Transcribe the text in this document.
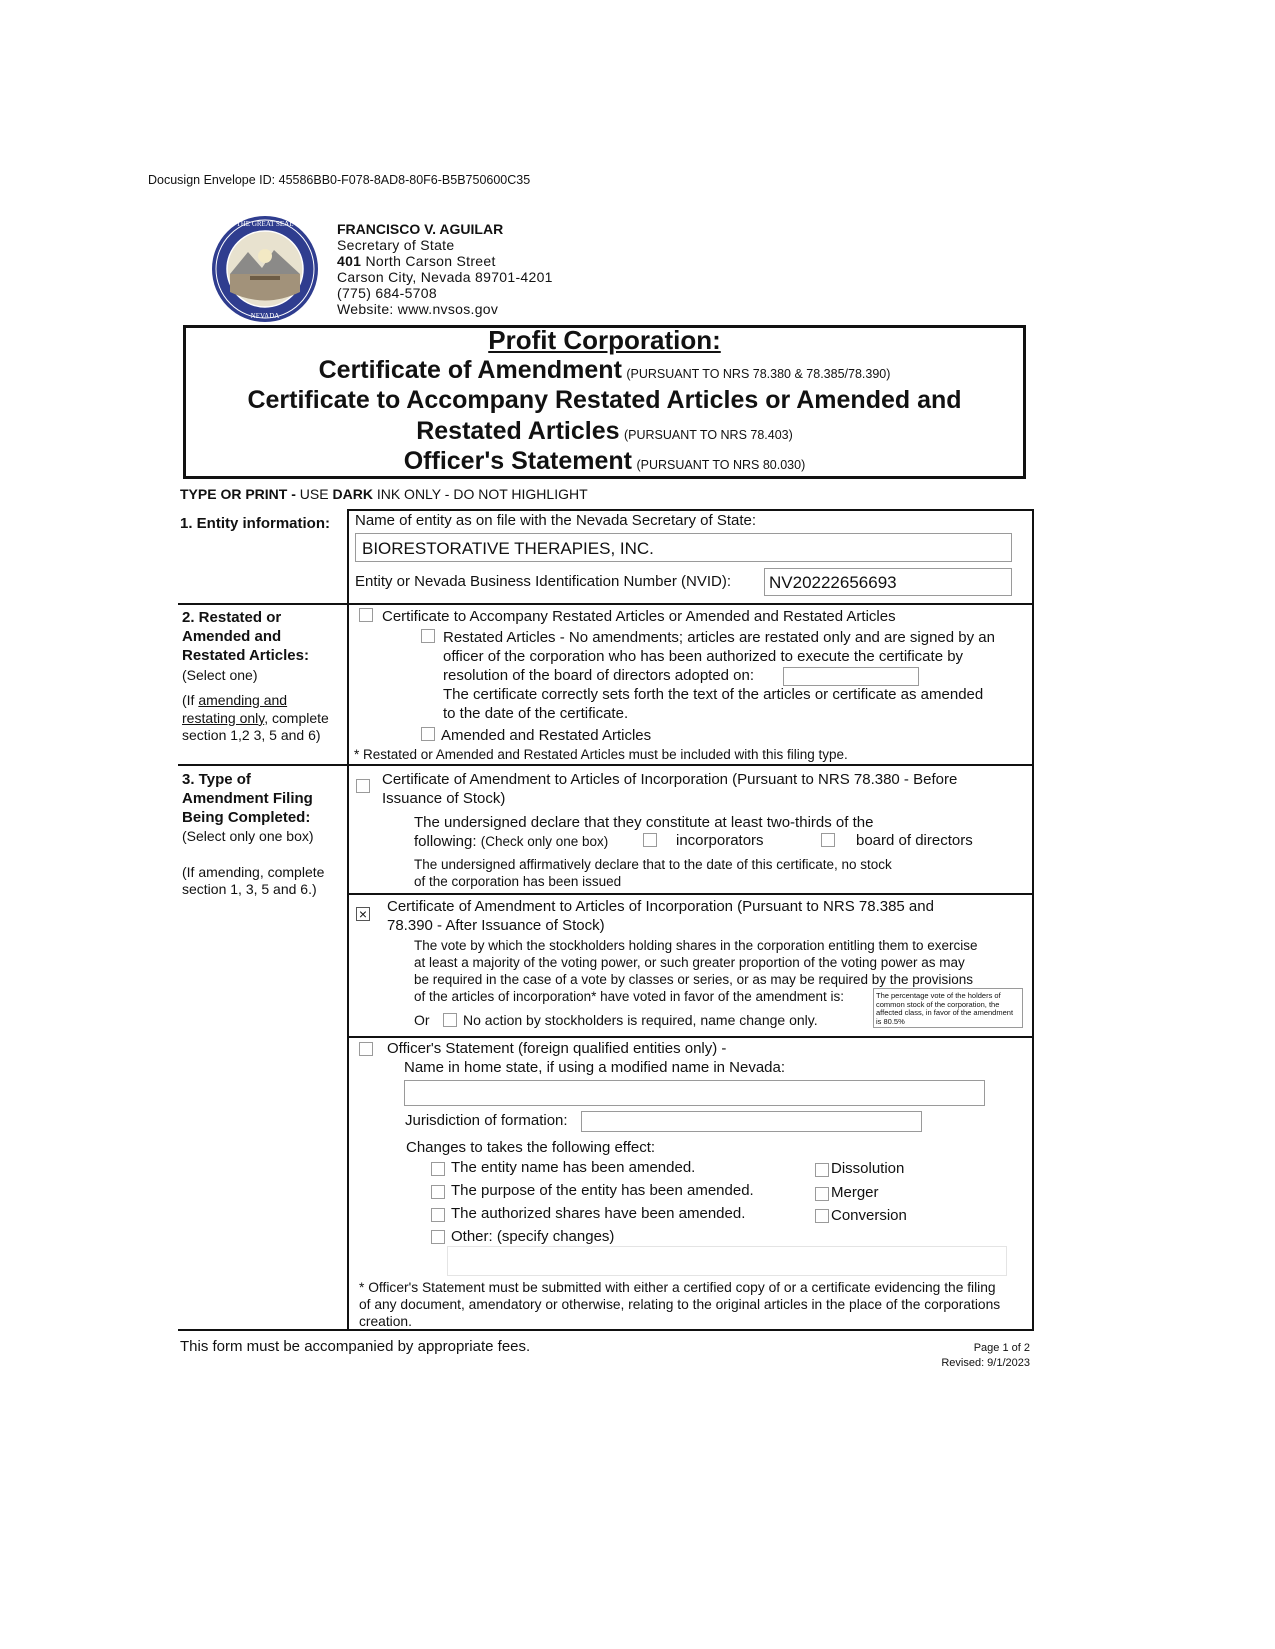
Docusign Envelope ID: 45586BB0-F078-8AD8-80F6-B5B750600C35
THE GREAT SEAL
NEVADA
FRANCISCO V. AGUILAR
Secretary of State
401 North Carson Street
Carson City, Nevada 89701-4201
(775) 684-5708
Website: www.nvsos.gov
Profit Corporation:
Certificate of Amendment (PURSUANT TO NRS 78.380 & 78.385/78.390)
Certificate to Accompany Restated Articles or Amended and
Restated Articles (PURSUANT TO NRS 78.403)
Officer's Statement (PURSUANT TO NRS 80.030)
TYPE OR PRINT - USE DARK INK ONLY - DO NOT HIGHLIGHT
1. Entity information: Name of entity as on file with the Nevada Secretary of State:
BIORESTORATIVE THERAPIES, INC.
Entity or Nevada Business Identification Number (NVID): NV20222656693
2. Restated or
Amended and
Restated Articles:
(Select one)
(If amending and
restating only, complete
section 1,2 3, 5 and 6)
Certificate to Accompany Restated Articles or Amended and Restated Articles
Restated Articles - No amendments; articles are restated only and are signed by an
officer of the corporation who has been authorized to execute the certificate by
resolution of the board of directors adopted on:
The certificate correctly sets forth the text of the articles or certificate as amended
to the date of the certificate.
Amended and Restated Articles
* Restated or Amended and Restated Articles must be included with this filing type.
3. Type of
Amendment Filing
Being Completed:
(Select only one box)
(If amending, complete
section 1, 3, 5 and 6.)
Certificate of Amendment to Articles of Incorporation (Pursuant to NRS 78.380 - Before
Issuance of Stock)
The undersigned declare that they constitute at least two-thirds of the
following: (Check only one box)	incorporators	board of directors
The undersigned affirmatively declare that to the date of this certificate, no stock
of the corporation has been issued
× Certificate of Amendment to Articles of Incorporation (Pursuant to NRS 78.385 and
78.390 - After Issuance of Stock)
The vote by which the stockholders holding shares in the corporation entitling them to exercise
at least a majority of the voting power, or such greater proportion of the voting power as may
be required in the case of a vote by classes or series, or as may be required by the provisions
of the articles of incorporation* have voted in favor of the amendment is:	The percentage vote of the holders of common stock of the corporation, the affected class, in favor of the amendment is 80.5%
Or No action by stockholders is required, name change only.
Officer's Statement (foreign qualified entities only) -
Name in home state, if using a modified name in Nevada:
Jurisdiction of formation:
Changes to takes the following effect:
The entity name has been amended.
The purpose of the entity has been amended.
The authorized shares have been amended.
Other: (specify changes)
Dissolution
Merger
Conversion
* Officer's Statement must be submitted with either a certified copy of or a certificate evidencing the filing
of any document, amendatory or otherwise, relating to the original articles in the place of the corporations
creation.
This form must be accompanied by appropriate fees.	Page 1 of 2
Revised: 9/1/2023
